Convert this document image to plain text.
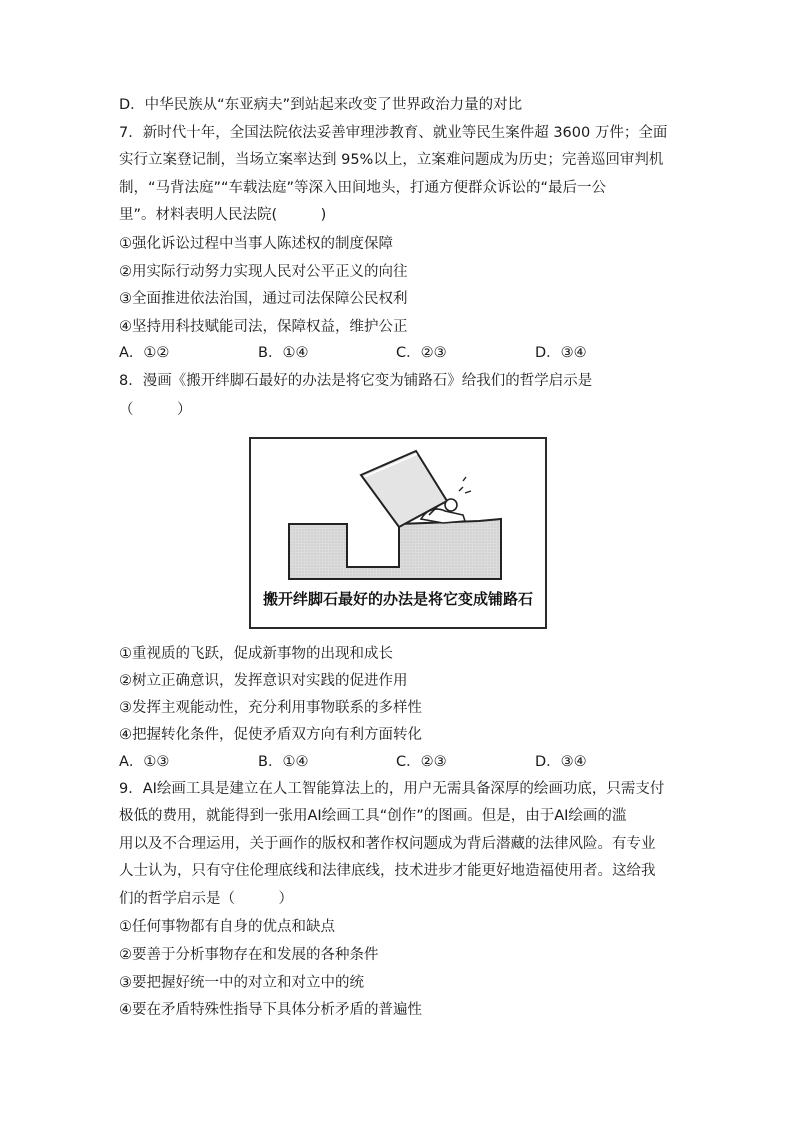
D．中华民族从“东亚病夫”到站起来改变了世界政治力量的对比
7．新时代十年，全国法院依法妥善审理涉教育、就业等民生案件超 3600 万件；全面
实行立案登记制，当场立案率达到 95%以上，立案难问题成为历史；完善巡回审判机
制，“马背法庭”“车载法庭”等深入田间地头，打通方便群众诉讼的“最后一公
里”。材料表明人民法院(　　　)
①强化诉讼过程中当事人陈述权的制度保障
②用实际行动努力实现人民对公平正义的向往
③全面推进依法治国，通过司法保障公民权利
④坚持用科技赋能司法，保障权益，维护公正
A．①②	B．①④	C．②③	D．③④
8．漫画《搬开绊脚石最好的办法是将它变为铺路石》给我们的哲学启示是
（　　　）
搬开绊脚石最好的办法是将它变成铺路石
①重视质的飞跃，促成新事物的出现和成长
②树立正确意识，发挥意识对实践的促进作用
③发挥主观能动性，充分利用事物联系的多样性
④把握转化条件，促使矛盾双方向有利方面转化
A．①③	B．①④	C．②③	D．③④
9．AI绘画工具是建立在人工智能算法上的，用户无需具备深厚的绘画功底，只需支付
极低的费用，就能得到一张用AI绘画工具“创作”的图画。但是，由于AI绘画的滥
用以及不合理运用，关于画作的版权和著作权问题成为背后潜藏的法律风险。有专业
人士认为，只有守住伦理底线和法律底线，技术进步才能更好地造福使用者。这给我
们的哲学启示是（　　　）
①任何事物都有自身的优点和缺点
②要善于分析事物存在和发展的各种条件
③要把握好统一中的对立和对立中的统
④要在矛盾特殊性指导下具体分析矛盾的普遍性
